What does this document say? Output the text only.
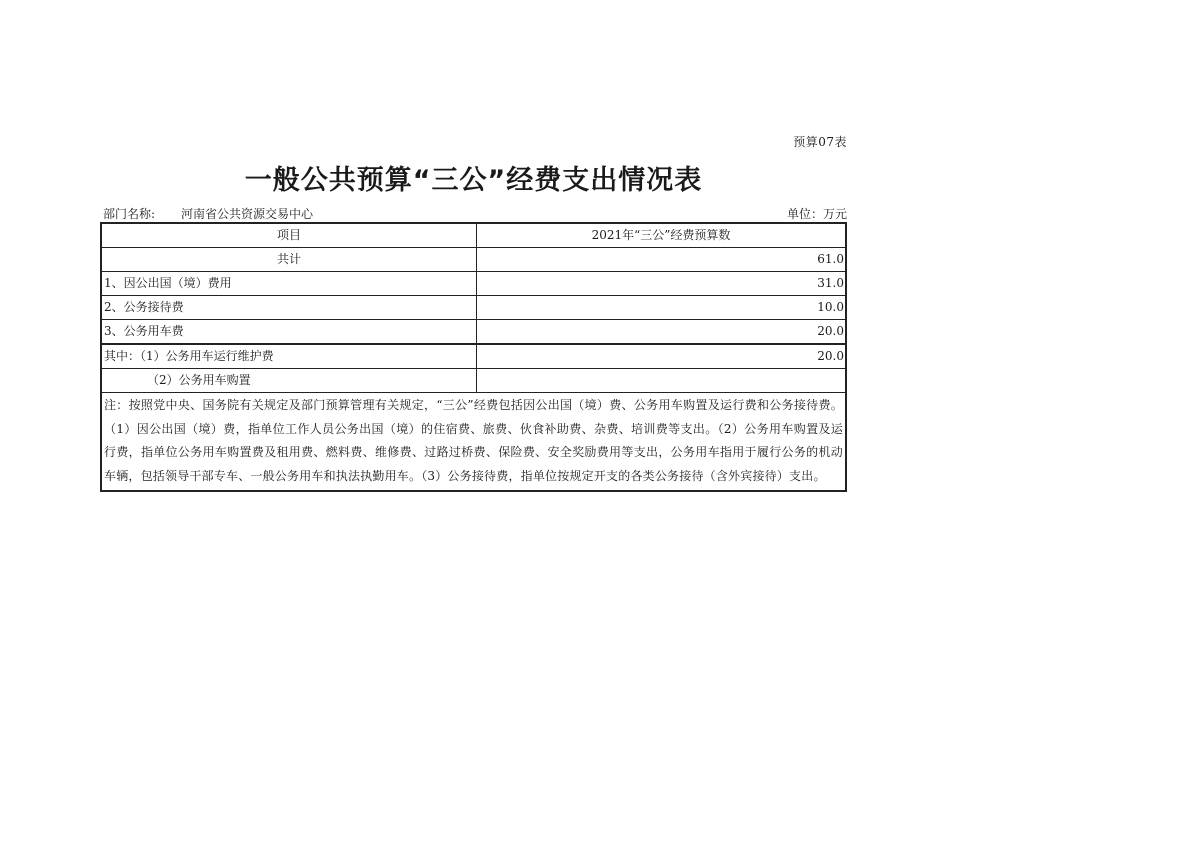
预算07表
一般公共预算“三公”经费支出情况表
部门名称: 河南省公共资源交易中心	单位：万元
项目	2021年“三公”经费预算数
共计	61.0
1、因公出国（境）费用	31.0
2、公务接待费	10.0
3、公务用车费	20.0
其中：（1）公务用车运行维护费	20.0
（2）公务用车购置	
注：按照党中央、国务院有关规定及部门预算管理有关规定，“三公”经费包括因公出国（境）费、公务用车购置及运行费和公务接待费。（1）因公出国（境）费，指单位工作人员公务出国（境）的住宿费、旅费、伙食补助费、杂费、培训费等支出。（2）公务用车购置及运行费，指单位公务用车购置费及租用费、燃料费、维修费、过路过桥费、保险费、安全奖励费用等支出，公务用车指用于履行公务的机动车辆，包括领导干部专车、一般公务用车和执法执勤用车。（3）公务接待费，指单位按规定开支的各类公务接待（含外宾接待）支出。	
